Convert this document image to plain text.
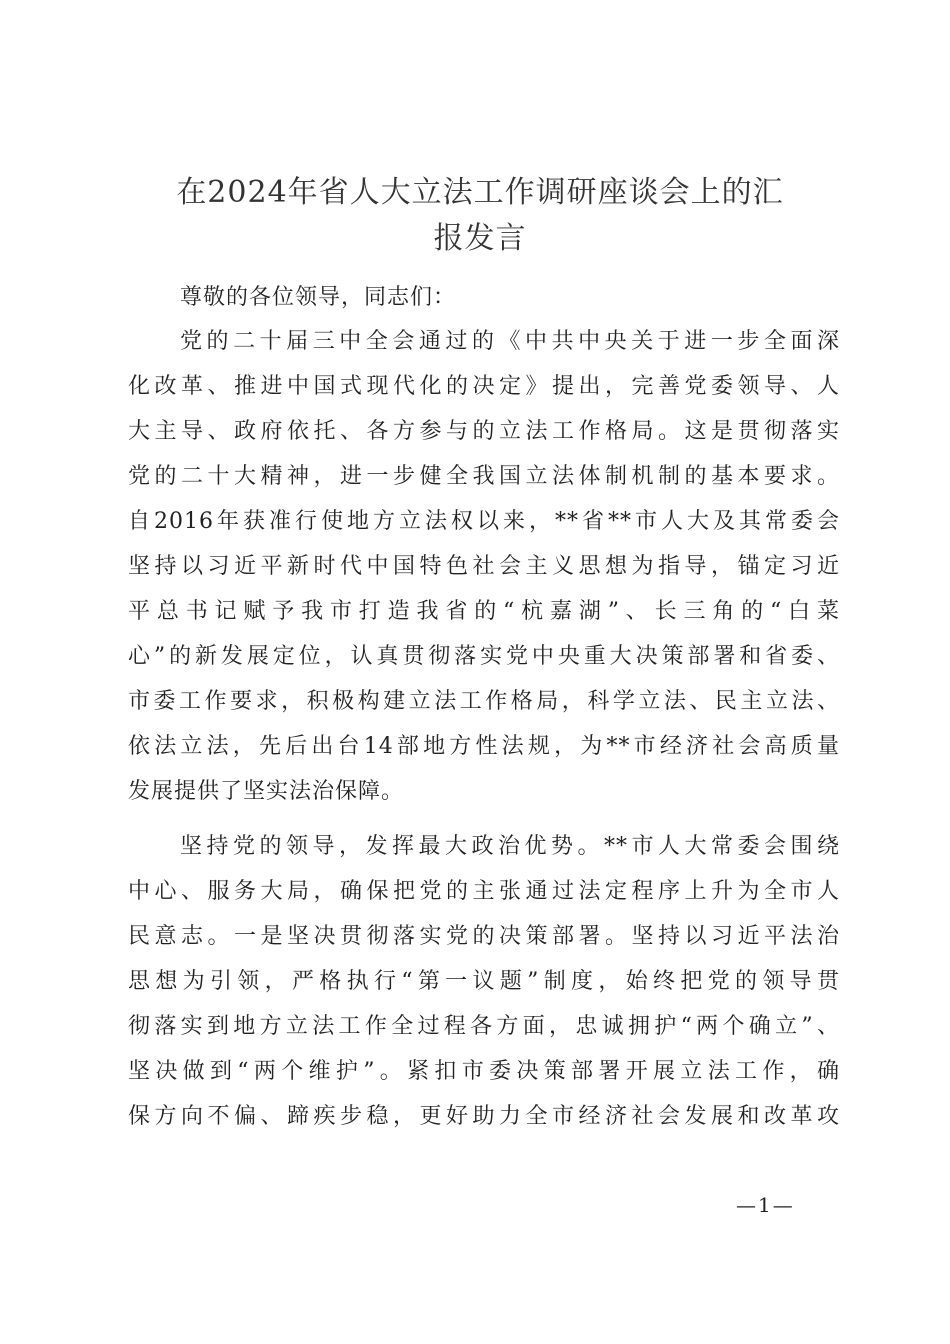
在2024年省人大立法工作调研座谈会上的汇
报发言
尊敬的各位领导，同志们：
党的二十届三中全会通过的《中共中央关于进一步全面深
化改革、推进中国式现代化的决定》提出，完善党委领导、人
大主导、政府依托、各方参与的立法工作格局。这是贯彻落实
党的二十大精神，进一步健全我国立法体制机制的基本要求。
自2016年获准行使地方立法权以来，**省**市人大及其常委会
坚持以习近平新时代中国特色社会主义思想为指导，锚定习近
平总书记赋予我市打造我省的“杭嘉湖”、长三角的“白菜
心”的新发展定位，认真贯彻落实党中央重大决策部署和省委、
市委工作要求，积极构建立法工作格局，科学立法、民主立法、
依法立法，先后出台14部地方性法规，为**市经济社会高质量
发展提供了坚实法治保障。
坚持党的领导，发挥最大政治优势。**市人大常委会围绕
中心、服务大局，确保把党的主张通过法定程序上升为全市人
民意志。一是坚决贯彻落实党的决策部署。坚持以习近平法治
思想为引领，严格执行“第一议题”制度，始终把党的领导贯
彻落实到地方立法工作全过程各方面，忠诚拥护“两个确立”、
坚决做到“两个维护”。紧扣市委决策部署开展立法工作，确
保方向不偏、蹄疾步稳，更好助力全市经济社会发展和改革攻
—1—
